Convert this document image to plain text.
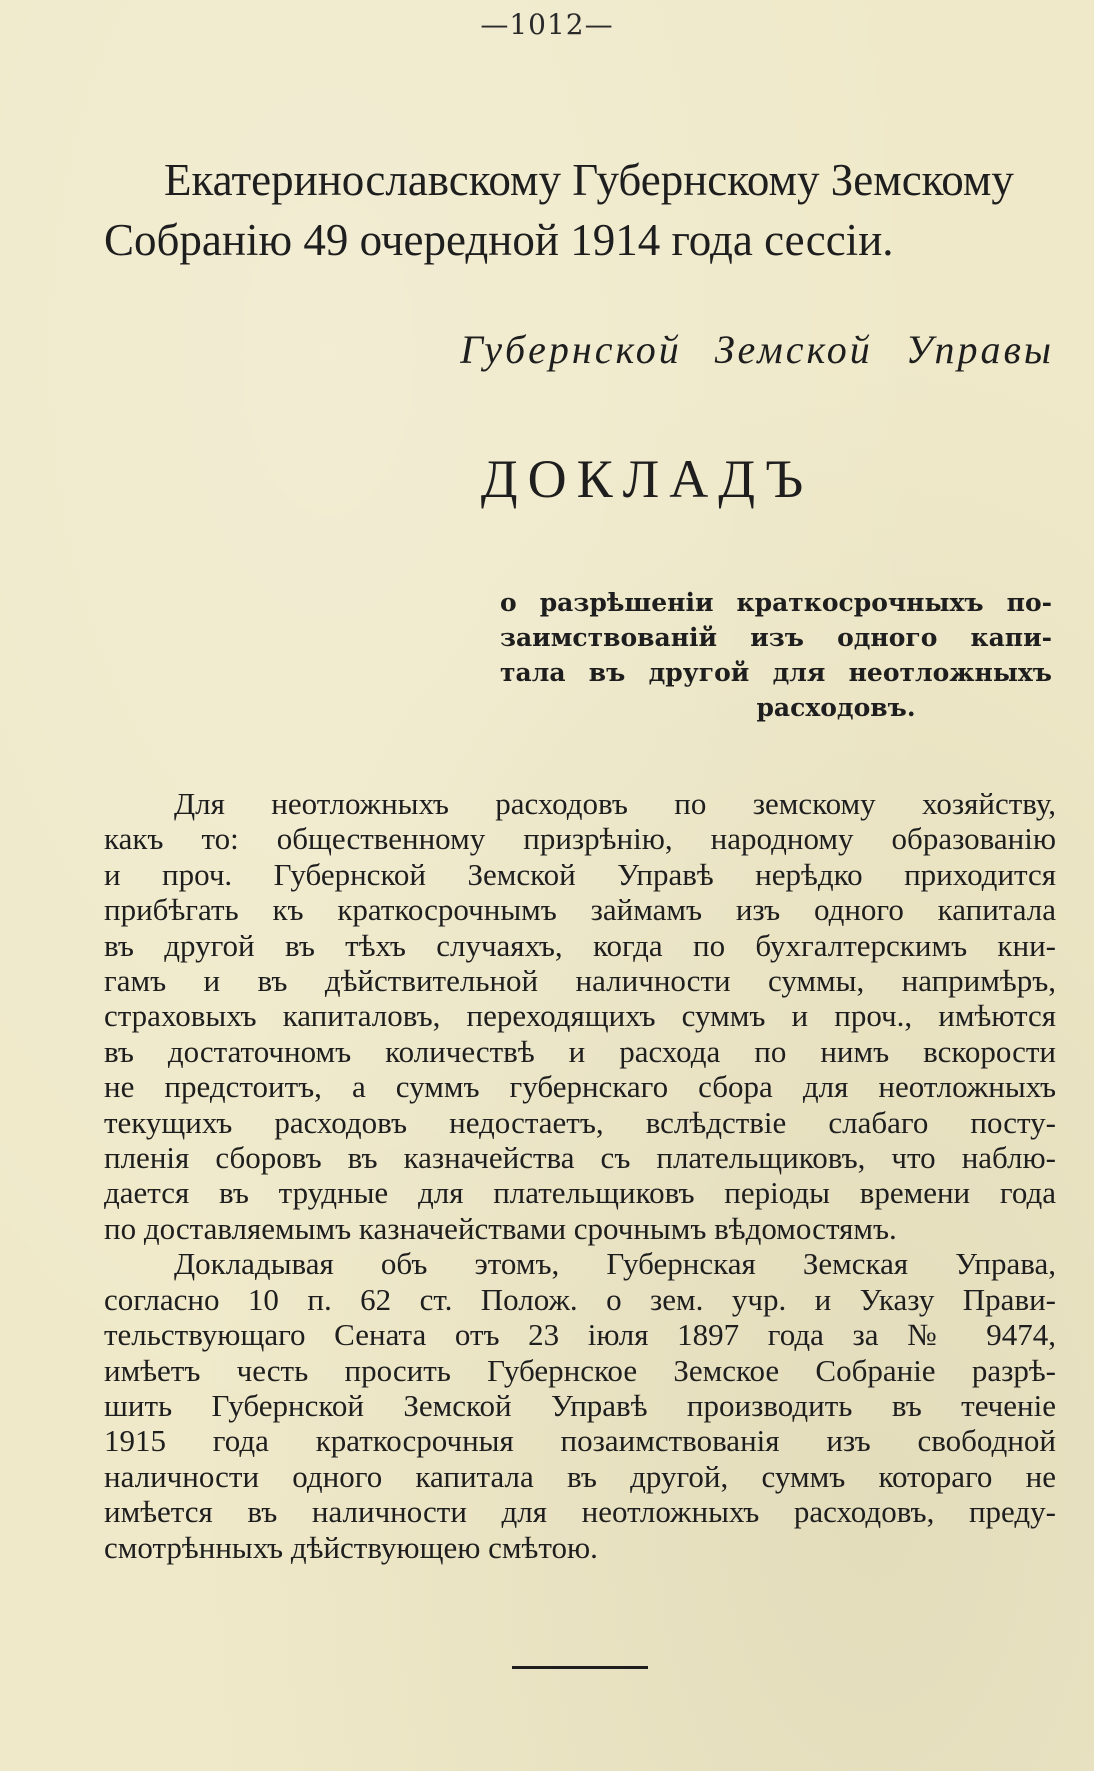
—1012—
Екатеринославскому Губернскому Земскому
Собранію 49 очередной 1914 года сессіи.
Губернской Земской Управы
ДОКЛАДЪ
о разрѣшеніи краткосрочныхъ по-
заимствованій изъ одного капи-
тала въ другой для неотложныхъ
расходовъ.
Для неотложныхъ расходовъ по земскому хозяйству,
какъ то: общественному призрѣнію, народному образованію
и проч. Губернской Земской Управѣ нерѣдко приходится
прибѣгать къ краткосрочнымъ займамъ изъ одного капитала
въ другой въ тѣхъ случаяхъ, когда по бухгалтерскимъ кни-
гамъ и въ дѣйствительной наличности суммы, напримѣръ,
страховыхъ капиталовъ, переходящихъ суммъ и проч., имѣются
въ достаточномъ количествѣ и расхода по нимъ вскорости
не предстоитъ, а суммъ губернскаго сбора для неотложныхъ
текущихъ расходовъ недостаетъ, вслѣдствіе слабаго посту-
пленія сборовъ въ казначейства съ плательщиковъ, что наблю-
дается въ трудные для плательщиковъ періоды времени года
по доставляемымъ казначействами срочнымъ вѣдомостямъ.
Докладывая объ этомъ, Губернская Земская Управа,
согласно 10 п. 62 ст. Полож. о зем. учр. и Указу Прави-
тельствующаго Сената отъ 23 іюля 1897 года за № 9474,
имѣетъ честь просить Губернское Земское Собраніе разрѣ-
шить Губернской Земской Управѣ производить въ теченіе
1915 года краткосрочныя позаимствованія изъ свободной
наличности одного капитала въ другой, суммъ котораго не
имѣется въ наличности для неотложныхъ расходовъ, преду-
смотрѣнныхъ дѣйствующею смѣтою.
